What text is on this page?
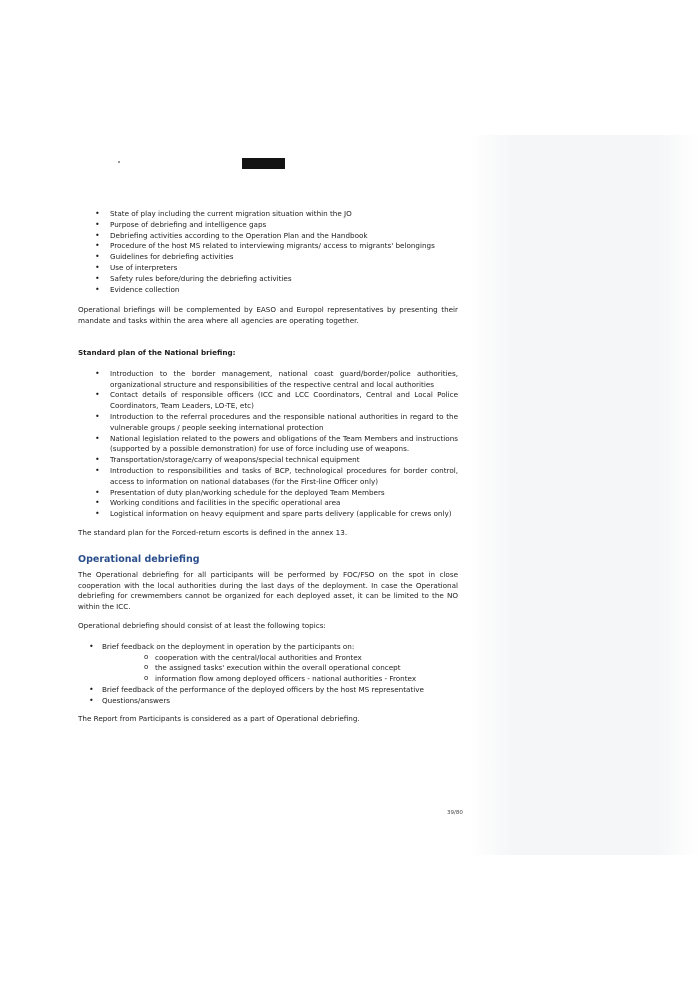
• State of play including the current migration situation within the JO
• Purpose of debriefing and intelligence gaps
• Debriefing activities according to the Operation Plan and the Handbook
• Procedure of the host MS related to interviewing migrants/ access to migrants' belongings
• Guidelines for debriefing activities
• Use of interpreters
• Safety rules before/during the debriefing activities
• Evidence collection

Operational briefings will be complemented by EASO and Europol representatives by presenting their mandate and tasks within the area where all agencies are operating together.

Standard plan of the National briefing:

• Introduction to the border management, national coast guard/border/police authorities, organizational structure and responsibilities of the respective central and local authorities
• Contact details of responsible officers (ICC and LCC Coordinators, Central and Local Police Coordinators, Team Leaders, LO-TE, etc)
• Introduction to the referral procedures and the responsible national authorities in regard to the vulnerable groups / people seeking international protection
• National legislation related to the powers and obligations of the Team Members and instructions (supported by a possible demonstration) for use of force including use of weapons.
• Transportation/storage/carry of weapons/special technical equipment
• Introduction to responsibilities and tasks of BCP, technological procedures for border control, access to information on national databases (for the First-line Officer only)
• Presentation of duty plan/working schedule for the deployed Team Members
• Working conditions and facilities in the specific operational area
• Logistical information on heavy equipment and spare parts delivery (applicable for crews only)

The standard plan for the Forced-return escorts is defined in the annex 13.

Operational debriefing

The Operational debriefing for all participants will be performed by FOC/FSO on the spot in close cooperation with the local authorities during the last days of the deployment. In case the Operational debriefing for crewmembers cannot be organized for each deployed asset, it can be limited to the NO within the ICC.

Operational debriefing should consist of at least the following topics:

• Brief feedback on the deployment in operation by the participants on:
o cooperation with the central/local authorities and Frontex
o the assigned tasks' execution within the overall operational concept
o information flow among deployed officers - national authorities - Frontex
• Brief feedback of the performance of the deployed officers by the host MS representative
• Questions/answers

The Report from Participants is considered as a part of Operational debriefing.

39/80
